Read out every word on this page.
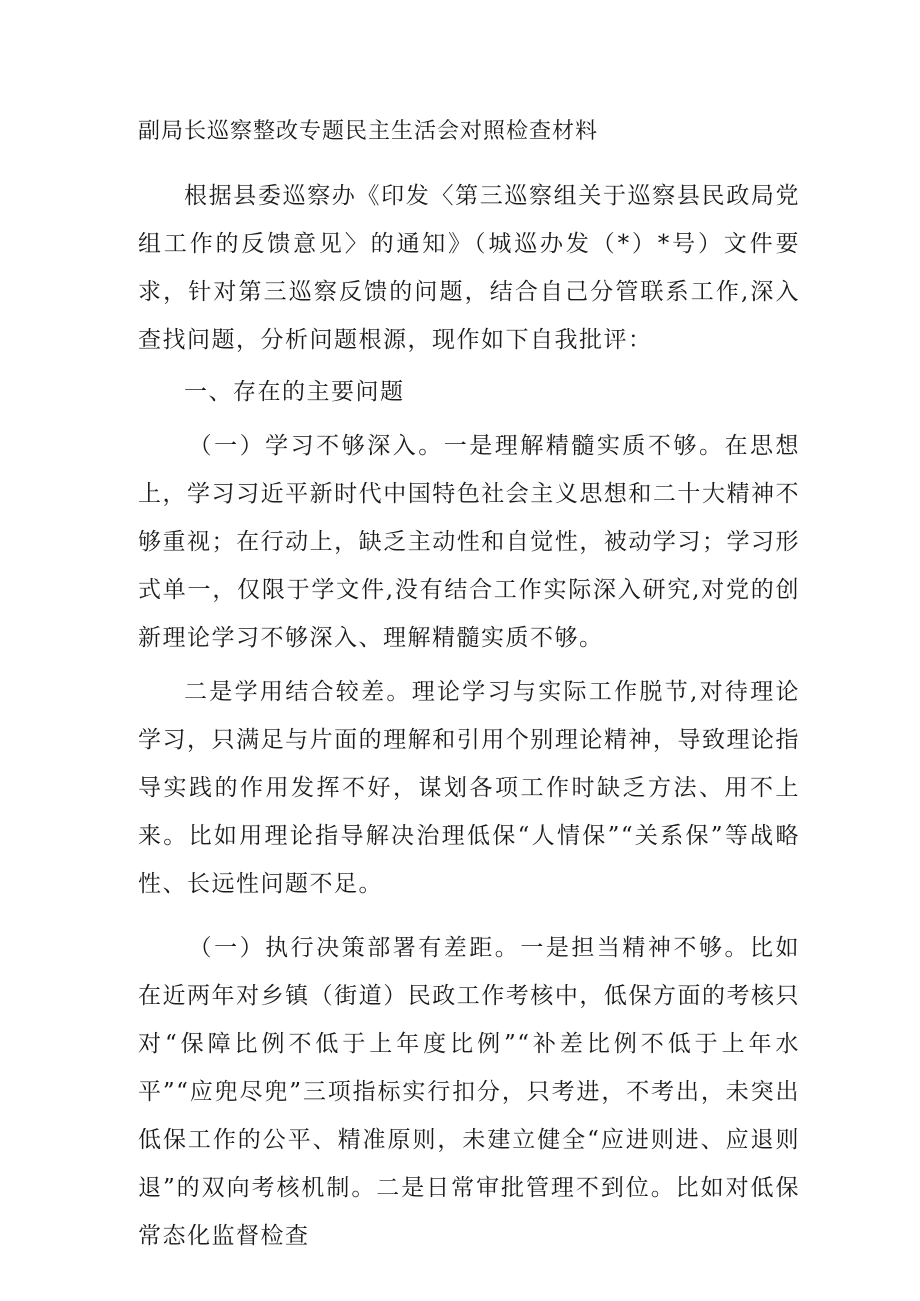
副局长巡察整改专题民主生活会对照检查材料

根据县委巡察办《印发〈第三巡察组关于巡察县民政局党组工作的反馈意见〉的通知》（城巡办发（*）*号）文件要求，针对第三巡察反馈的问题，结合自己分管联系工作,深入查找问题，分析问题根源，现作如下自我批评：

一、存在的主要问题

（一）学习不够深入。一是理解精髓实质不够。在思想上，学习习近平新时代中国特色社会主义思想和二十大精神不够重视；在行动上，缺乏主动性和自觉性，被动学习；学习形式单一，仅限于学文件,没有结合工作实际深入研究,对党的创新理论学习不够深入、理解精髓实质不够。

二是学用结合较差。理论学习与实际工作脱节,对待理论学习，只满足与片面的理解和引用个别理论精神，导致理论指导实践的作用发挥不好，谋划各项工作时缺乏方法、用不上来。比如用理论指导解决治理低保“人情保”“关系保”等战略性、长远性问题不足。

（一）执行决策部署有差距。一是担当精神不够。比如在近两年对乡镇（街道）民政工作考核中，低保方面的考核只对“保障比例不低于上年度比例”“补差比例不低于上年水平”“应兜尽兜”三项指标实行扣分，只考进，不考出，未突出低保工作的公平、精准原则，未建立健全“应进则进、应退则退”的双向考核机制。二是日常审批管理不到位。比如对低保常态化监督检查
